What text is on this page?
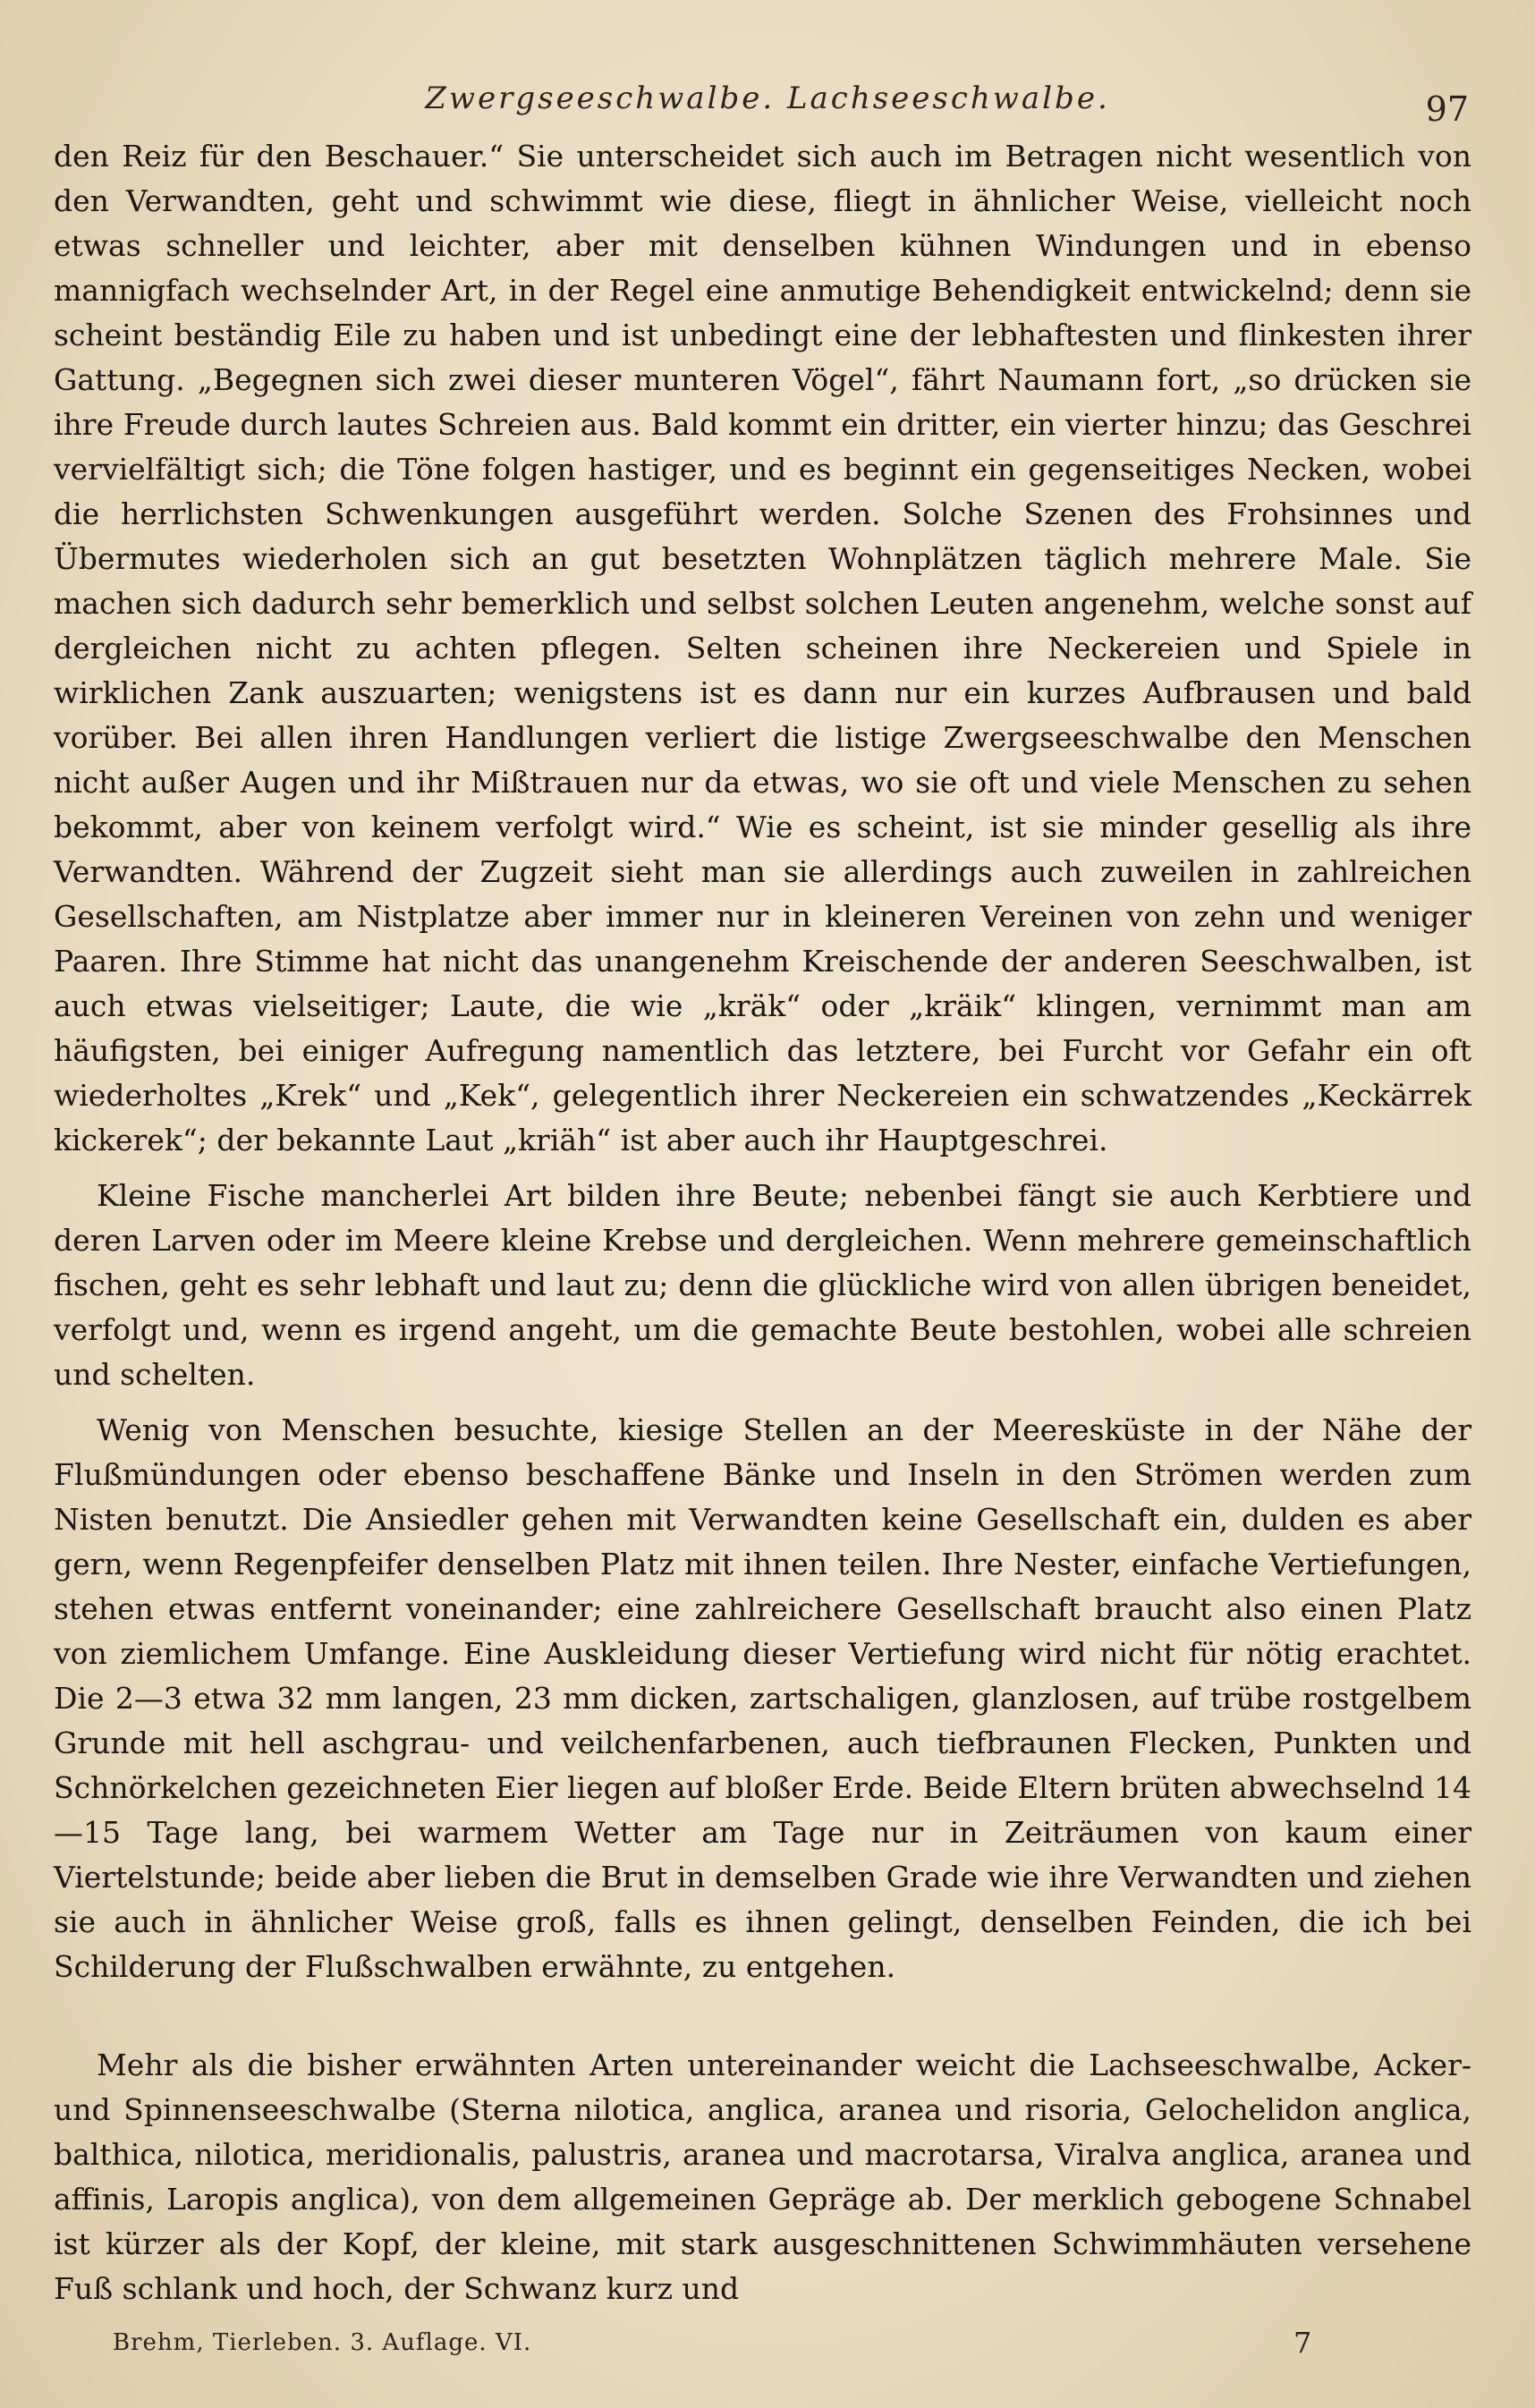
Zwergseeschwalbe. Lachseeschwalbe.	97

den Reiz für den Beschauer.“ Sie unterscheidet sich auch im Betragen nicht wesentlich von den Verwandten, geht und schwimmt wie diese, fliegt in ähnlicher Weise, vielleicht noch etwas schneller und leichter, aber mit denselben kühnen Windungen und in ebenso mannigfach wechselnder Art, in der Regel eine anmutige Behendigkeit entwickelnd; denn sie scheint beständig Eile zu haben und ist unbedingt eine der lebhaftesten und flinkesten ihrer Gattung. „Begegnen sich zwei dieser munteren Vögel“, fährt Naumann fort, „so drücken sie ihre Freude durch lautes Schreien aus. Bald kommt ein dritter, ein vierter hinzu; das Geschrei vervielfältigt sich; die Töne folgen hastiger, und es beginnt ein gegenseitiges Necken, wobei die herrlichsten Schwenkungen ausgeführt werden. Solche Szenen des Frohsinnes und Übermutes wiederholen sich an gut besetzten Wohnplätzen täglich mehrere Male. Sie machen sich dadurch sehr bemerklich und selbst solchen Leuten angenehm, welche sonst auf dergleichen nicht zu achten pflegen. Selten scheinen ihre Neckereien und Spiele in wirklichen Zank auszuarten; wenigstens ist es dann nur ein kurzes Aufbrausen und bald vorüber. Bei allen ihren Handlungen verliert die listige Zwergseeschwalbe den Menschen nicht außer Augen und ihr Mißtrauen nur da etwas, wo sie oft und viele Menschen zu sehen bekommt, aber von keinem verfolgt wird.“ Wie es scheint, ist sie minder gesellig als ihre Verwandten. Während der Zugzeit sieht man sie allerdings auch zuweilen in zahlreichen Gesellschaften, am Nistplatze aber immer nur in kleineren Vereinen von zehn und weniger Paaren. Ihre Stimme hat nicht das unangenehm Kreischende der anderen Seeschwalben, ist auch etwas vielseitiger; Laute, die wie „kräk“ oder „kräik“ klingen, vernimmt man am häufigsten, bei einiger Aufregung namentlich das letztere, bei Furcht vor Gefahr ein oft wiederholtes „Krek“ und „Kek“, gelegentlich ihrer Neckereien ein schwatzendes „Keckärrek kickerek“; der bekannte Laut „kriäh“ ist aber auch ihr Hauptgeschrei.

Kleine Fische mancherlei Art bilden ihre Beute; nebenbei fängt sie auch Kerbtiere und deren Larven oder im Meere kleine Krebse und dergleichen. Wenn mehrere gemeinschaftlich fischen, geht es sehr lebhaft und laut zu; denn die glückliche wird von allen übrigen beneidet, verfolgt und, wenn es irgend angeht, um die gemachte Beute bestohlen, wobei alle schreien und schelten.

Wenig von Menschen besuchte, kiesige Stellen an der Meeresküste in der Nähe der Flußmündungen oder ebenso beschaffene Bänke und Inseln in den Strömen werden zum Nisten benutzt. Die Ansiedler gehen mit Verwandten keine Gesellschaft ein, dulden es aber gern, wenn Regenpfeifer denselben Platz mit ihnen teilen. Ihre Nester, einfache Vertiefungen, stehen etwas entfernt voneinander; eine zahlreichere Gesellschaft braucht also einen Platz von ziemlichem Umfange. Eine Auskleidung dieser Vertiefung wird nicht für nötig erachtet. Die 2—3 etwa 32 mm langen, 23 mm dicken, zartschaligen, glanzlosen, auf trübe rostgelbem Grunde mit hell aschgrau- und veilchenfarbenen, auch tiefbraunen Flecken, Punkten und Schnörkelchen gezeichneten Eier liegen auf bloßer Erde. Beide Eltern brüten abwechselnd 14—15 Tage lang, bei warmem Wetter am Tage nur in Zeiträumen von kaum einer Viertelstunde; beide aber lieben die Brut in demselben Grade wie ihre Verwandten und ziehen sie auch in ähnlicher Weise groß, falls es ihnen gelingt, denselben Feinden, die ich bei Schilderung der Flußschwalben erwähnte, zu entgehen.

Mehr als die bisher erwähnten Arten untereinander weicht die Lachseeschwalbe, Acker- und Spinnenseeschwalbe (Sterna nilotica, anglica, aranea und risoria, Gelochelidon anglica, balthica, nilotica, meridionalis, palustris, aranea und macrotarsa, Viralva anglica, aranea und affinis, Laropis anglica), von dem allgemeinen Gepräge ab. Der merklich gebogene Schnabel ist kürzer als der Kopf, der kleine, mit stark ausgeschnittenen Schwimmhäuten versehene Fuß schlank und hoch, der Schwanz kurz und

Brehm, Tierleben. 3. Auflage. VI.	7
